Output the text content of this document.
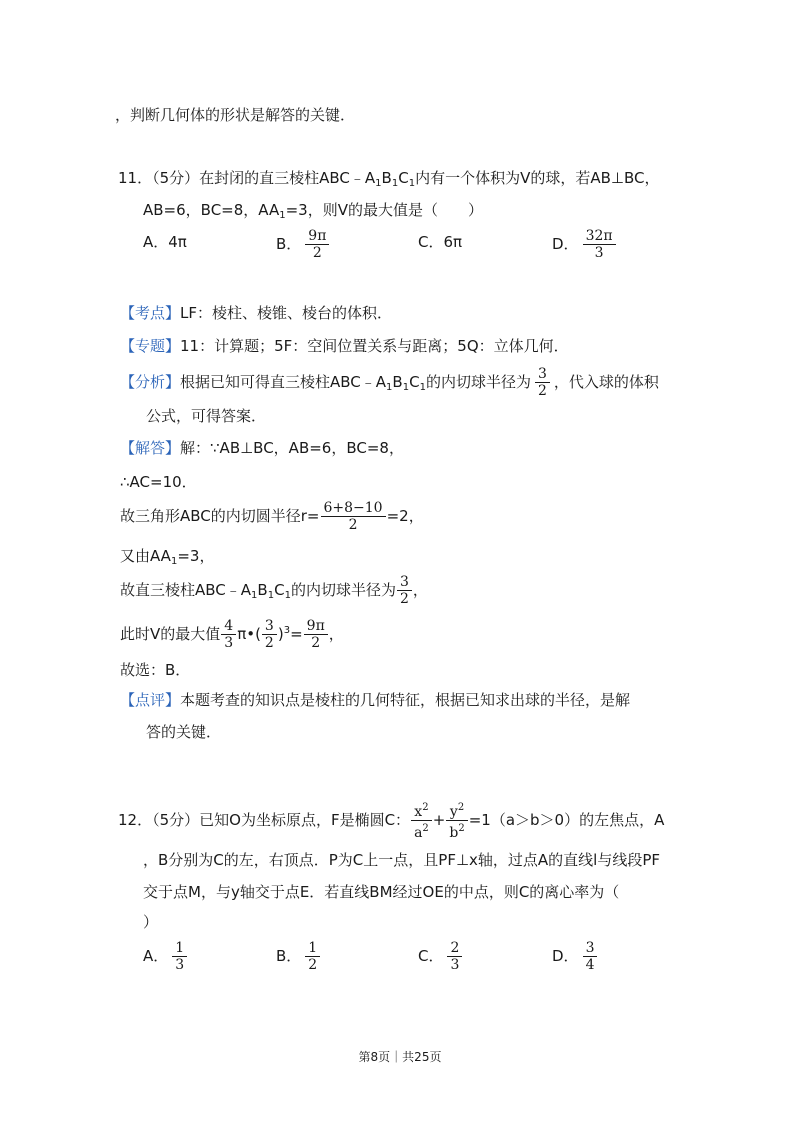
，判断几何体的形状是解答的关键．
11．（5分）在封闭的直三棱柱$ABC﹣A_1B_1C_1$内有一个体积为V的球，若AB⊥BC，
AB=6，BC=8，$AA_1=3$，则V的最大值是（　　）
A．4π	B． $\frac{9\pi}{2}$	C．6π	D． $\frac{32\pi}{3}$
【考点】LF：棱柱、棱锥、棱台的体积．
【专题】11：计算题；5F：空间位置关系与距离；5Q：立体几何．
【分析】根据已知可得直三棱柱$ABC﹣A_1B_1C_1$的内切球半径为 $\frac{3}{2}$ ，代入球的体积
公式，可得答案．
【解答】解：∵AB⊥BC，AB=6，BC=8，
∴AC=10．
故三角形ABC的内切圆半径$r= \frac{6+8-10}{2} =2$，
又由$AA_1=3$，
故直三棱柱$ABC﹣A_1B_1C_1$的内切球半径为 $\frac{3}{2}$ ，
此时V的最大值 $\frac{4}{3}$ π•( $\frac{3}{2} )^3= \frac{9\pi}{2}$ ，
故选：B．
【点评】本题考查的知识点是棱柱的几何特征，根据已知求出球的半径，是解
答的关键．
12．（5分）已知O为坐标原点，F是椭圆C： $\frac{x^2}{a^2} + \frac{y^2}{b^2} =1(a>b>0)$的左焦点，A
，B分别为C的左，右顶点．P为C上一点，且PF⊥x轴，过点A的直线l与线段PF
交于点M，与y轴交于点E．若直线BM经过OE的中点，则C的离心率为（
）
A． $\frac{1}{3}$	B． $\frac{1}{2}$	C． $\frac{2}{3}$	D． $\frac{3}{4}$
第8页｜共25页
